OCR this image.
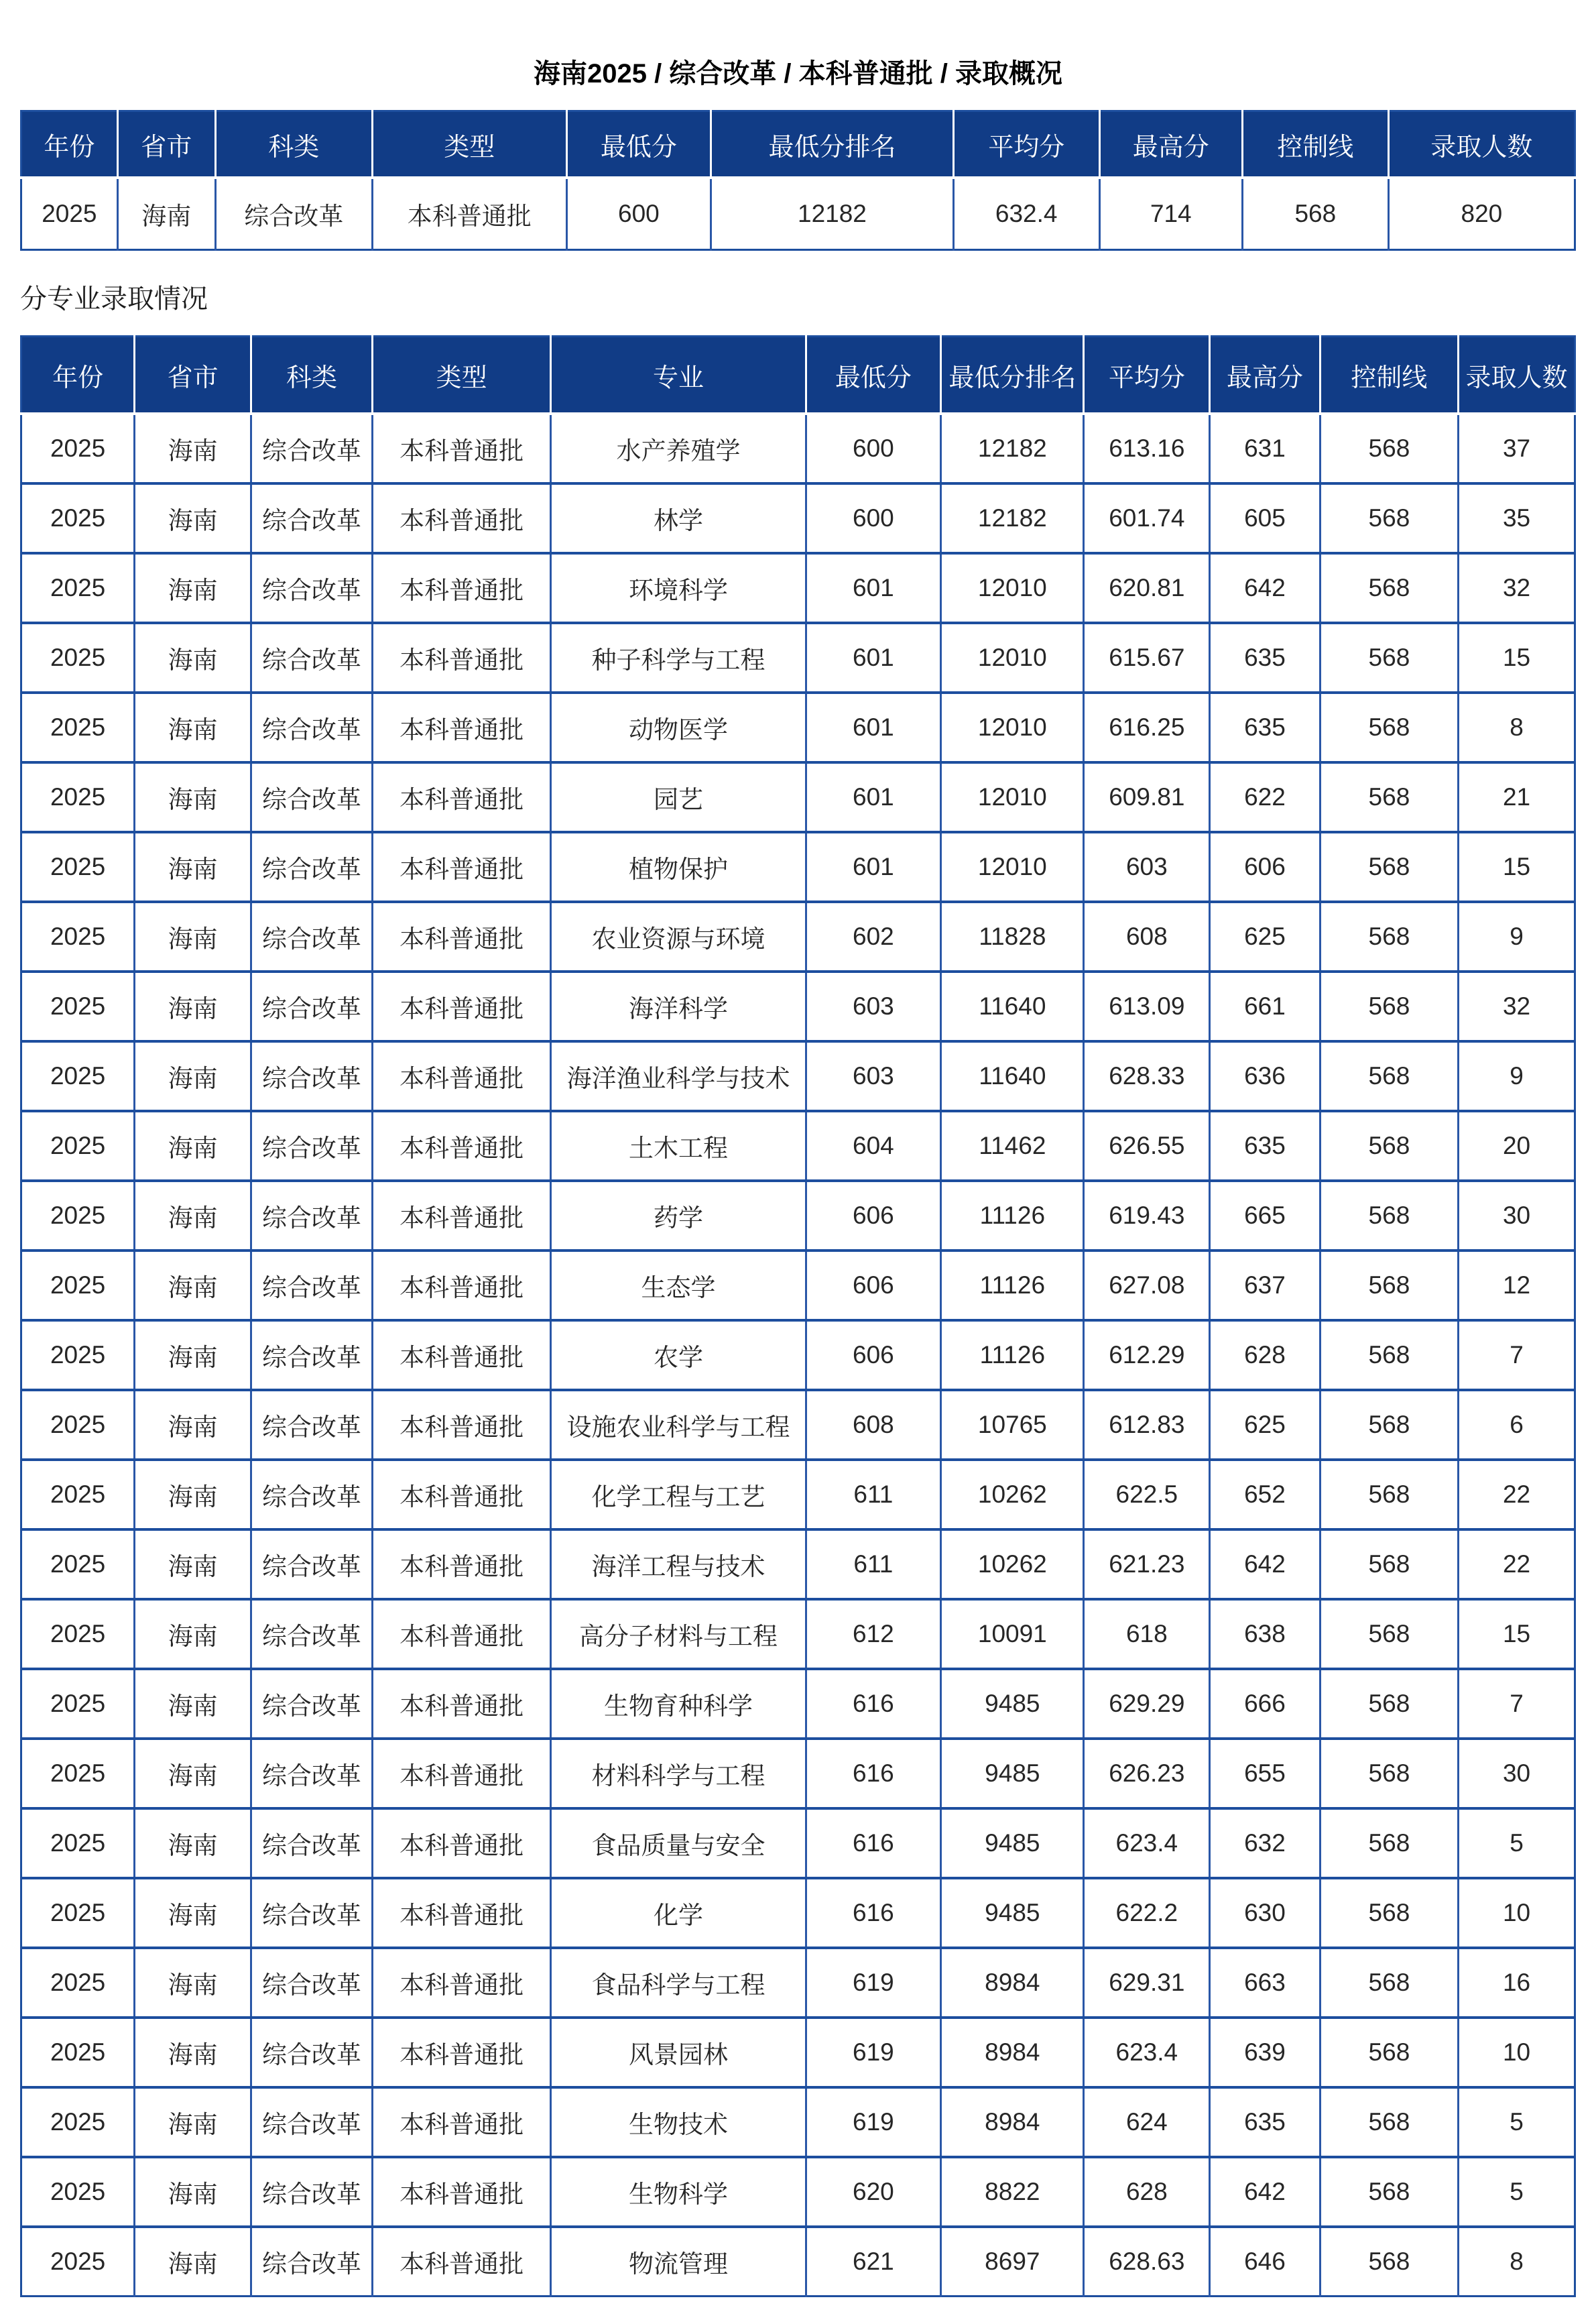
海南2025 / 综合改革 / 本科普通批 / 录取概况
年份	省市	科类	类型	最低分	最低分排名	平均分	最高分	控制线	录取人数
2025	海南	综合改革	本科普通批	600	12182	632.4	714	568	820
分专业录取情况
年份	省市	科类	类型	专业	最低分	最低分排名	平均分	最高分	控制线	录取人数
2025	海南	综合改革	本科普通批	水产养殖学	600	12182	613.16	631	568	37
2025	海南	综合改革	本科普通批	林学	600	12182	601.74	605	568	35
2025	海南	综合改革	本科普通批	环境科学	601	12010	620.81	642	568	32
2025	海南	综合改革	本科普通批	种子科学与工程	601	12010	615.67	635	568	15
2025	海南	综合改革	本科普通批	动物医学	601	12010	616.25	635	568	8
2025	海南	综合改革	本科普通批	园艺	601	12010	609.81	622	568	21
2025	海南	综合改革	本科普通批	植物保护	601	12010	603	606	568	15
2025	海南	综合改革	本科普通批	农业资源与环境	602	11828	608	625	568	9
2025	海南	综合改革	本科普通批	海洋科学	603	11640	613.09	661	568	32
2025	海南	综合改革	本科普通批	海洋渔业科学与技术	603	11640	628.33	636	568	9
2025	海南	综合改革	本科普通批	土木工程	604	11462	626.55	635	568	20
2025	海南	综合改革	本科普通批	药学	606	11126	619.43	665	568	30
2025	海南	综合改革	本科普通批	生态学	606	11126	627.08	637	568	12
2025	海南	综合改革	本科普通批	农学	606	11126	612.29	628	568	7
2025	海南	综合改革	本科普通批	设施农业科学与工程	608	10765	612.83	625	568	6
2025	海南	综合改革	本科普通批	化学工程与工艺	611	10262	622.5	652	568	22
2025	海南	综合改革	本科普通批	海洋工程与技术	611	10262	621.23	642	568	22
2025	海南	综合改革	本科普通批	高分子材料与工程	612	10091	618	638	568	15
2025	海南	综合改革	本科普通批	生物育种科学	616	9485	629.29	666	568	7
2025	海南	综合改革	本科普通批	材料科学与工程	616	9485	626.23	655	568	30
2025	海南	综合改革	本科普通批	食品质量与安全	616	9485	623.4	632	568	5
2025	海南	综合改革	本科普通批	化学	616	9485	622.2	630	568	10
2025	海南	综合改革	本科普通批	食品科学与工程	619	8984	629.31	663	568	16
2025	海南	综合改革	本科普通批	风景园林	619	8984	623.4	639	568	10
2025	海南	综合改革	本科普通批	生物技术	619	8984	624	635	568	5
2025	海南	综合改革	本科普通批	生物科学	620	8822	628	642	568	5
2025	海南	综合改革	本科普通批	物流管理	621	8697	628.63	646	568	8
